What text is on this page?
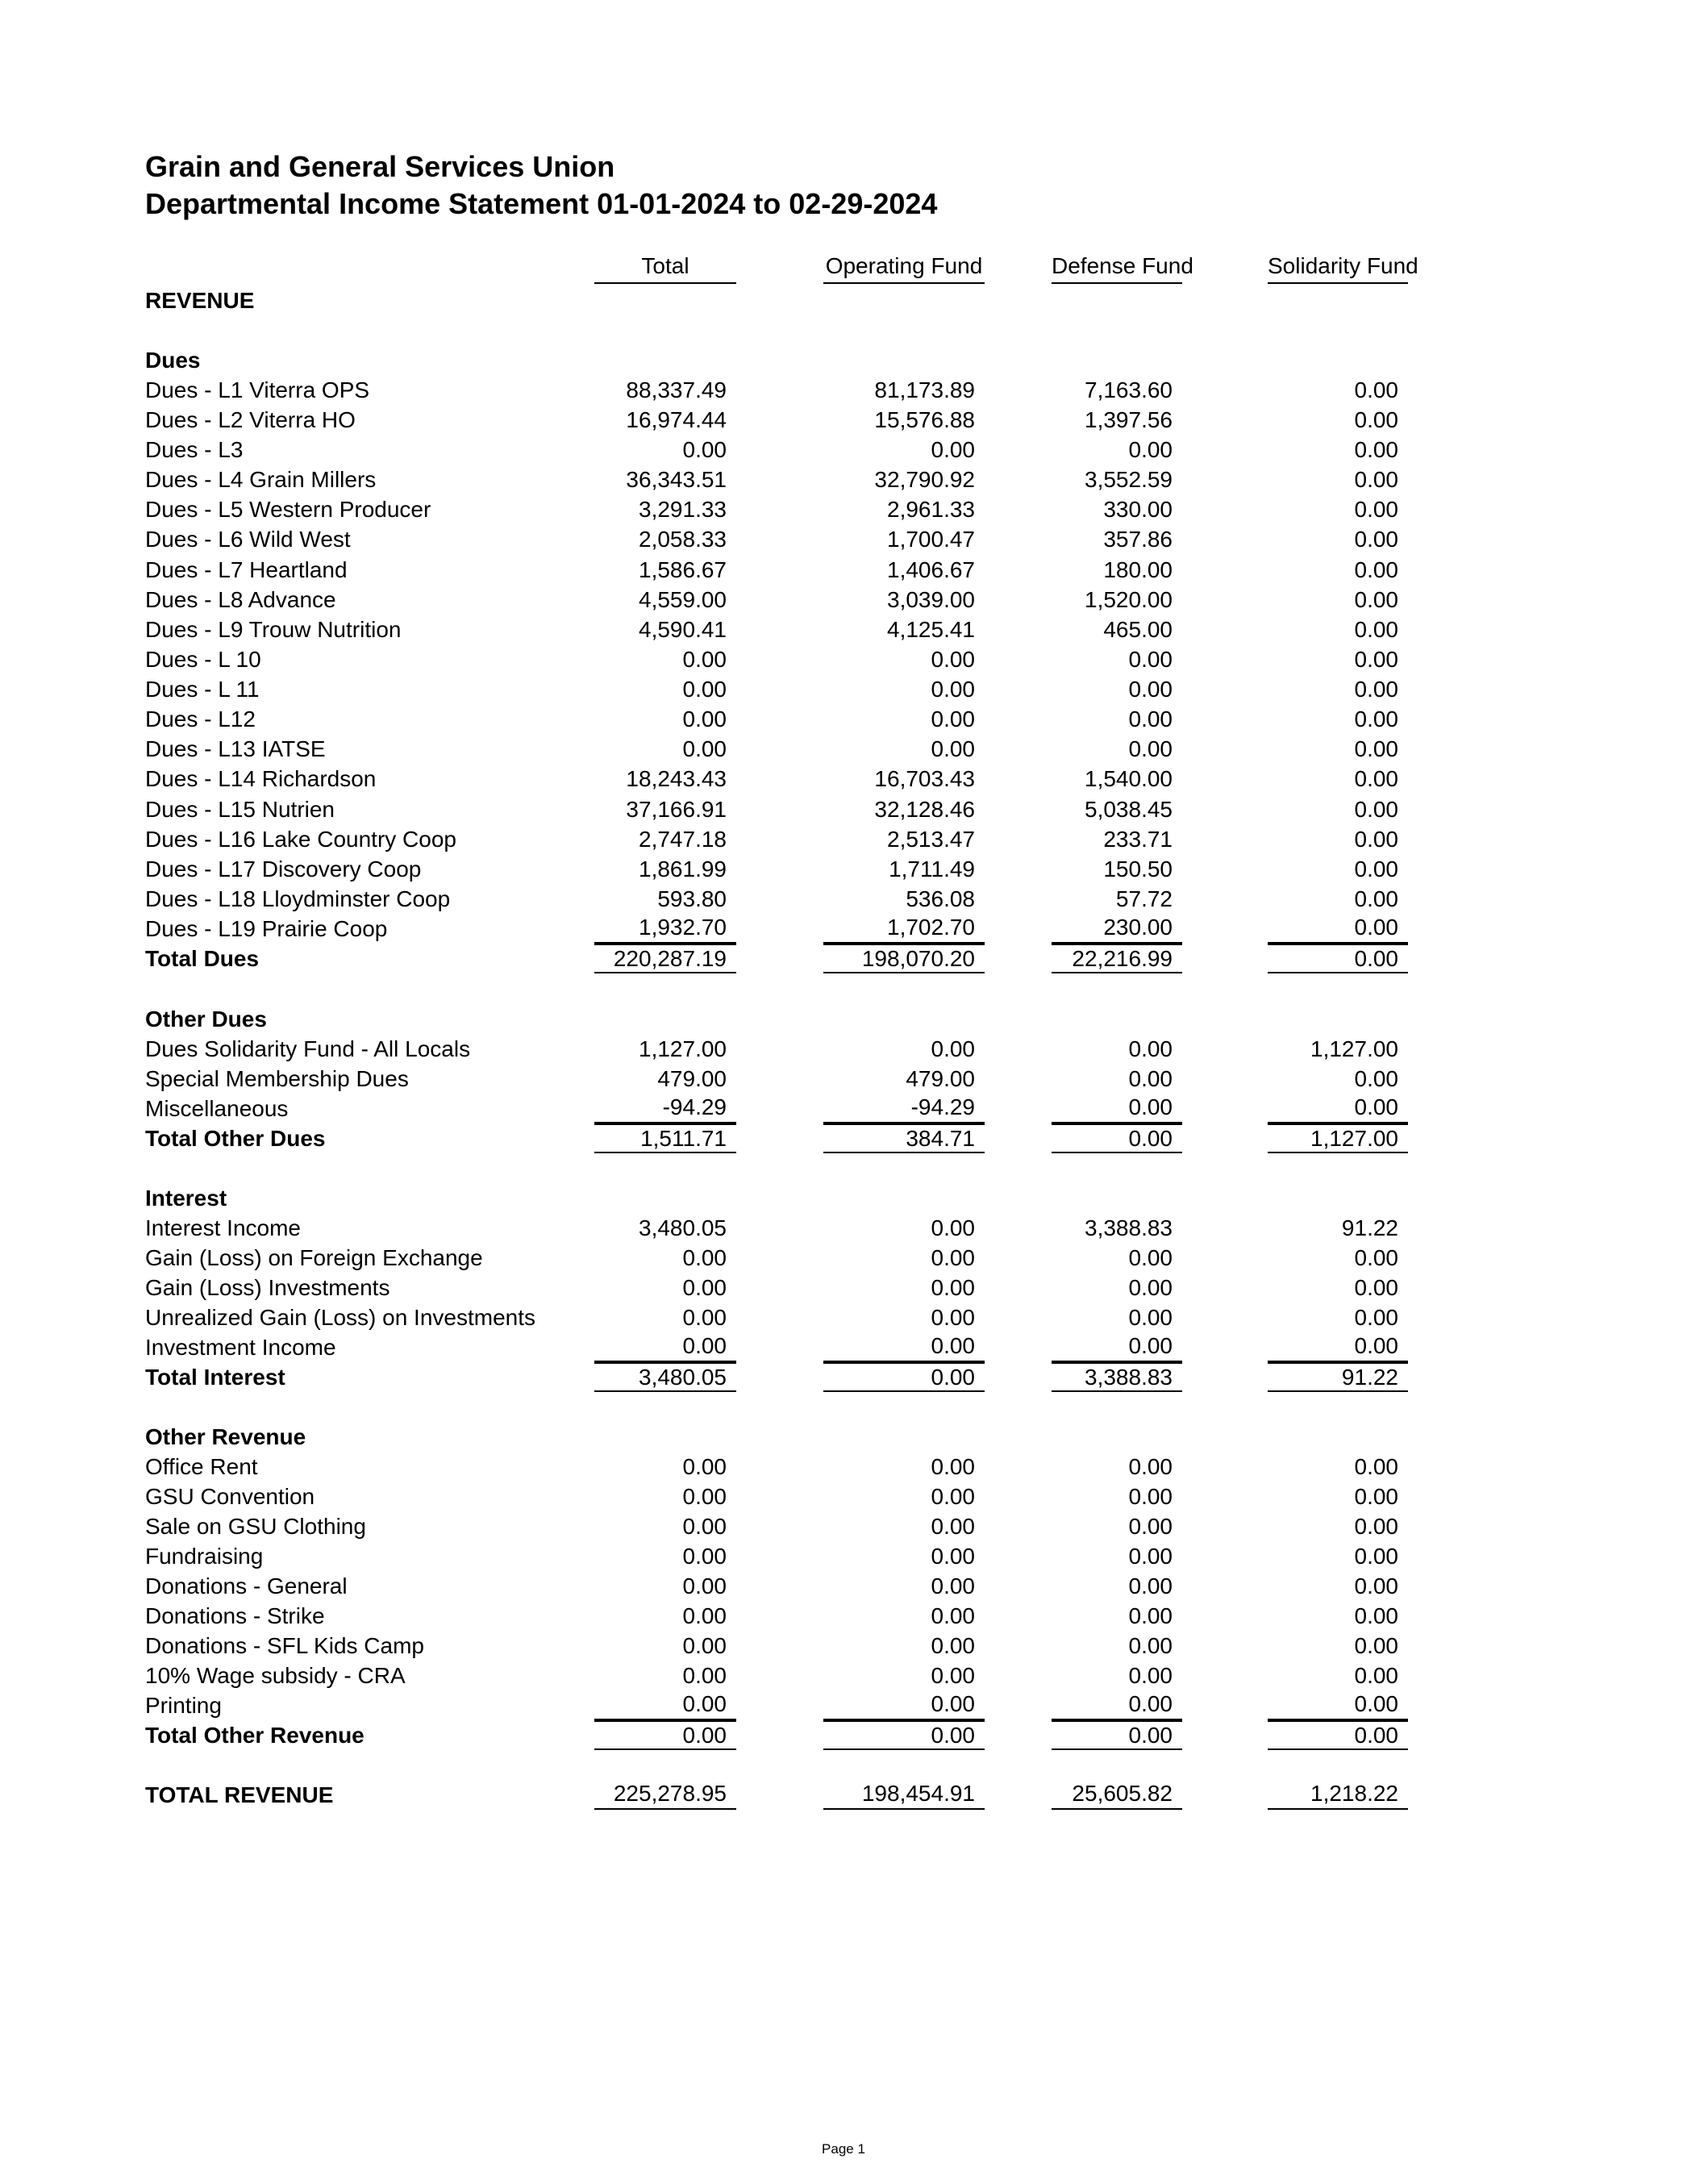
Grain and General Services Union
Departmental Income Statement 01-01-2024 to 02-29-2024
Total	Operating Fund	Defense Fund	Solidarity Fund
REVENUE
Dues
Dues - L1 Viterra OPS	88,337.49	81,173.89	7,163.60	0.00
Dues - L2 Viterra HO	16,974.44	15,576.88	1,397.56	0.00
Dues - L3	0.00	0.00	0.00	0.00
Dues - L4 Grain Millers	36,343.51	32,790.92	3,552.59	0.00
Dues - L5 Western Producer	3,291.33	2,961.33	330.00	0.00
Dues - L6 Wild West	2,058.33	1,700.47	357.86	0.00
Dues - L7 Heartland	1,586.67	1,406.67	180.00	0.00
Dues - L8 Advance	4,559.00	3,039.00	1,520.00	0.00
Dues - L9 Trouw Nutrition	4,590.41	4,125.41	465.00	0.00
Dues - L 10	0.00	0.00	0.00	0.00
Dues - L 11	0.00	0.00	0.00	0.00
Dues - L12	0.00	0.00	0.00	0.00
Dues - L13 IATSE	0.00	0.00	0.00	0.00
Dues - L14 Richardson	18,243.43	16,703.43	1,540.00	0.00
Dues - L15 Nutrien	37,166.91	32,128.46	5,038.45	0.00
Dues - L16 Lake Country Coop	2,747.18	2,513.47	233.71	0.00
Dues - L17 Discovery Coop	1,861.99	1,711.49	150.50	0.00
Dues - L18 Lloydminster Coop	593.80	536.08	57.72	0.00
Dues - L19 Prairie Coop	1,932.70	1,702.70	230.00	0.00
Total Dues	220,287.19	198,070.20	22,216.99	0.00
Other Dues
Dues Solidarity Fund - All Locals	1,127.00	0.00	0.00	1,127.00
Special Membership Dues	479.00	479.00	0.00	0.00
Miscellaneous	-94.29	-94.29	0.00	0.00
Total Other Dues	1,511.71	384.71	0.00	1,127.00
Interest
Interest Income	3,480.05	0.00	3,388.83	91.22
Gain (Loss) on Foreign Exchange	0.00	0.00	0.00	0.00
Gain (Loss) Investments	0.00	0.00	0.00	0.00
Unrealized Gain (Loss) on Investments	0.00	0.00	0.00	0.00
Investment Income	0.00	0.00	0.00	0.00
Total Interest	3,480.05	0.00	3,388.83	91.22
Other Revenue
Office Rent	0.00	0.00	0.00	0.00
GSU Convention	0.00	0.00	0.00	0.00
Sale on GSU Clothing	0.00	0.00	0.00	0.00
Fundraising	0.00	0.00	0.00	0.00
Donations - General	0.00	0.00	0.00	0.00
Donations - Strike	0.00	0.00	0.00	0.00
Donations - SFL Kids Camp	0.00	0.00	0.00	0.00
10% Wage subsidy - CRA	0.00	0.00	0.00	0.00
Printing	0.00	0.00	0.00	0.00
Total Other Revenue	0.00	0.00	0.00	0.00
TOTAL REVENUE	225,278.95	198,454.91	25,605.82	1,218.22
Page 1
